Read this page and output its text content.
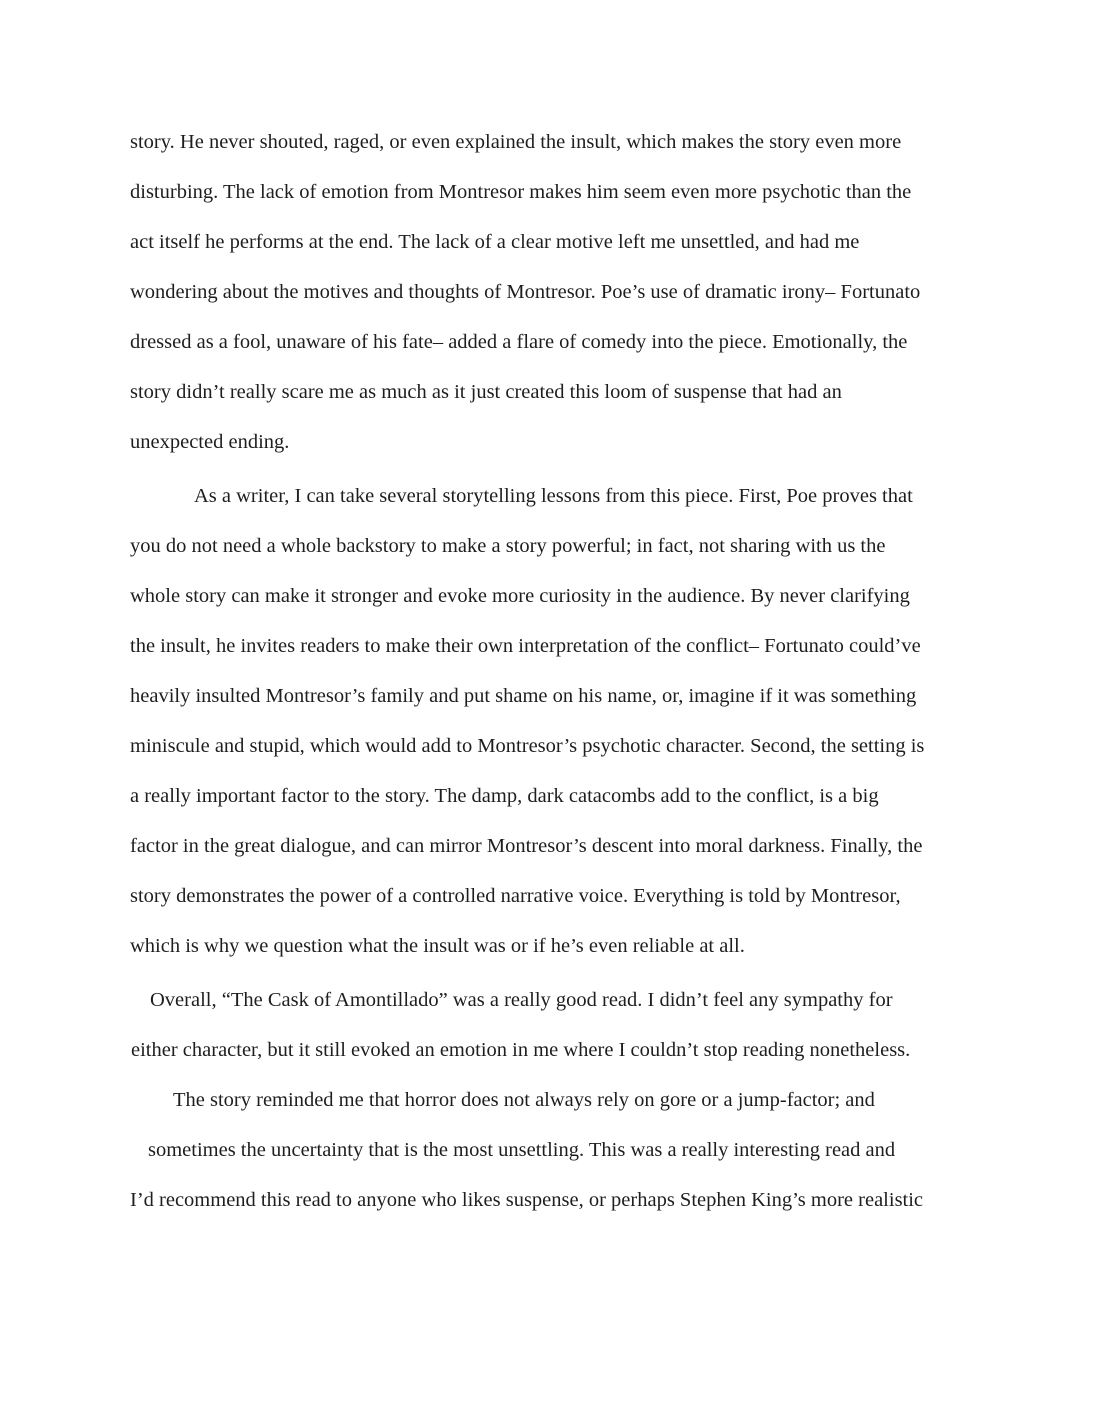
story. He never shouted, raged, or even explained the insult, which makes the story even more
disturbing. The lack of emotion from Montresor makes him seem even more psychotic than the
act itself he performs at the end. The lack of a clear motive left me unsettled, and had me
wondering about the motives and thoughts of Montresor. Poe’s use of dramatic irony– Fortunato
dressed as a fool, unaware of his fate– added a flare of comedy into the piece. Emotionally, the
story didn’t really scare me as much as it just created this loom of suspense that had an
unexpected ending.
As a writer, I can take several storytelling lessons from this piece. First, Poe proves that
you do not need a whole backstory to make a story powerful; in fact, not sharing with us the
whole story can make it stronger and evoke more curiosity in the audience. By never clarifying
the insult, he invites readers to make their own interpretation of the conflict– Fortunato could’ve
heavily insulted Montresor’s family and put shame on his name, or, imagine if it was something
miniscule and stupid, which would add to Montresor’s psychotic character. Second, the setting is
a really important factor to the story. The damp, dark catacombs add to the conflict, is a big
factor in the great dialogue, and can mirror Montresor’s descent into moral darkness. Finally, the
story demonstrates the power of a controlled narrative voice. Everything is told by Montresor,
which is why we question what the insult was or if he’s even reliable at all.
Overall, “The Cask of Amontillado” was a really good read. I didn’t feel any sympathy for
either character, but it still evoked an emotion in me where I couldn’t stop reading nonetheless.
The story reminded me that horror does not always rely on gore or a jump-factor; and
sometimes the uncertainty that is the most unsettling. This was a really interesting read and
I’d recommend this read to anyone who likes suspense, or perhaps Stephen King’s more realistic
